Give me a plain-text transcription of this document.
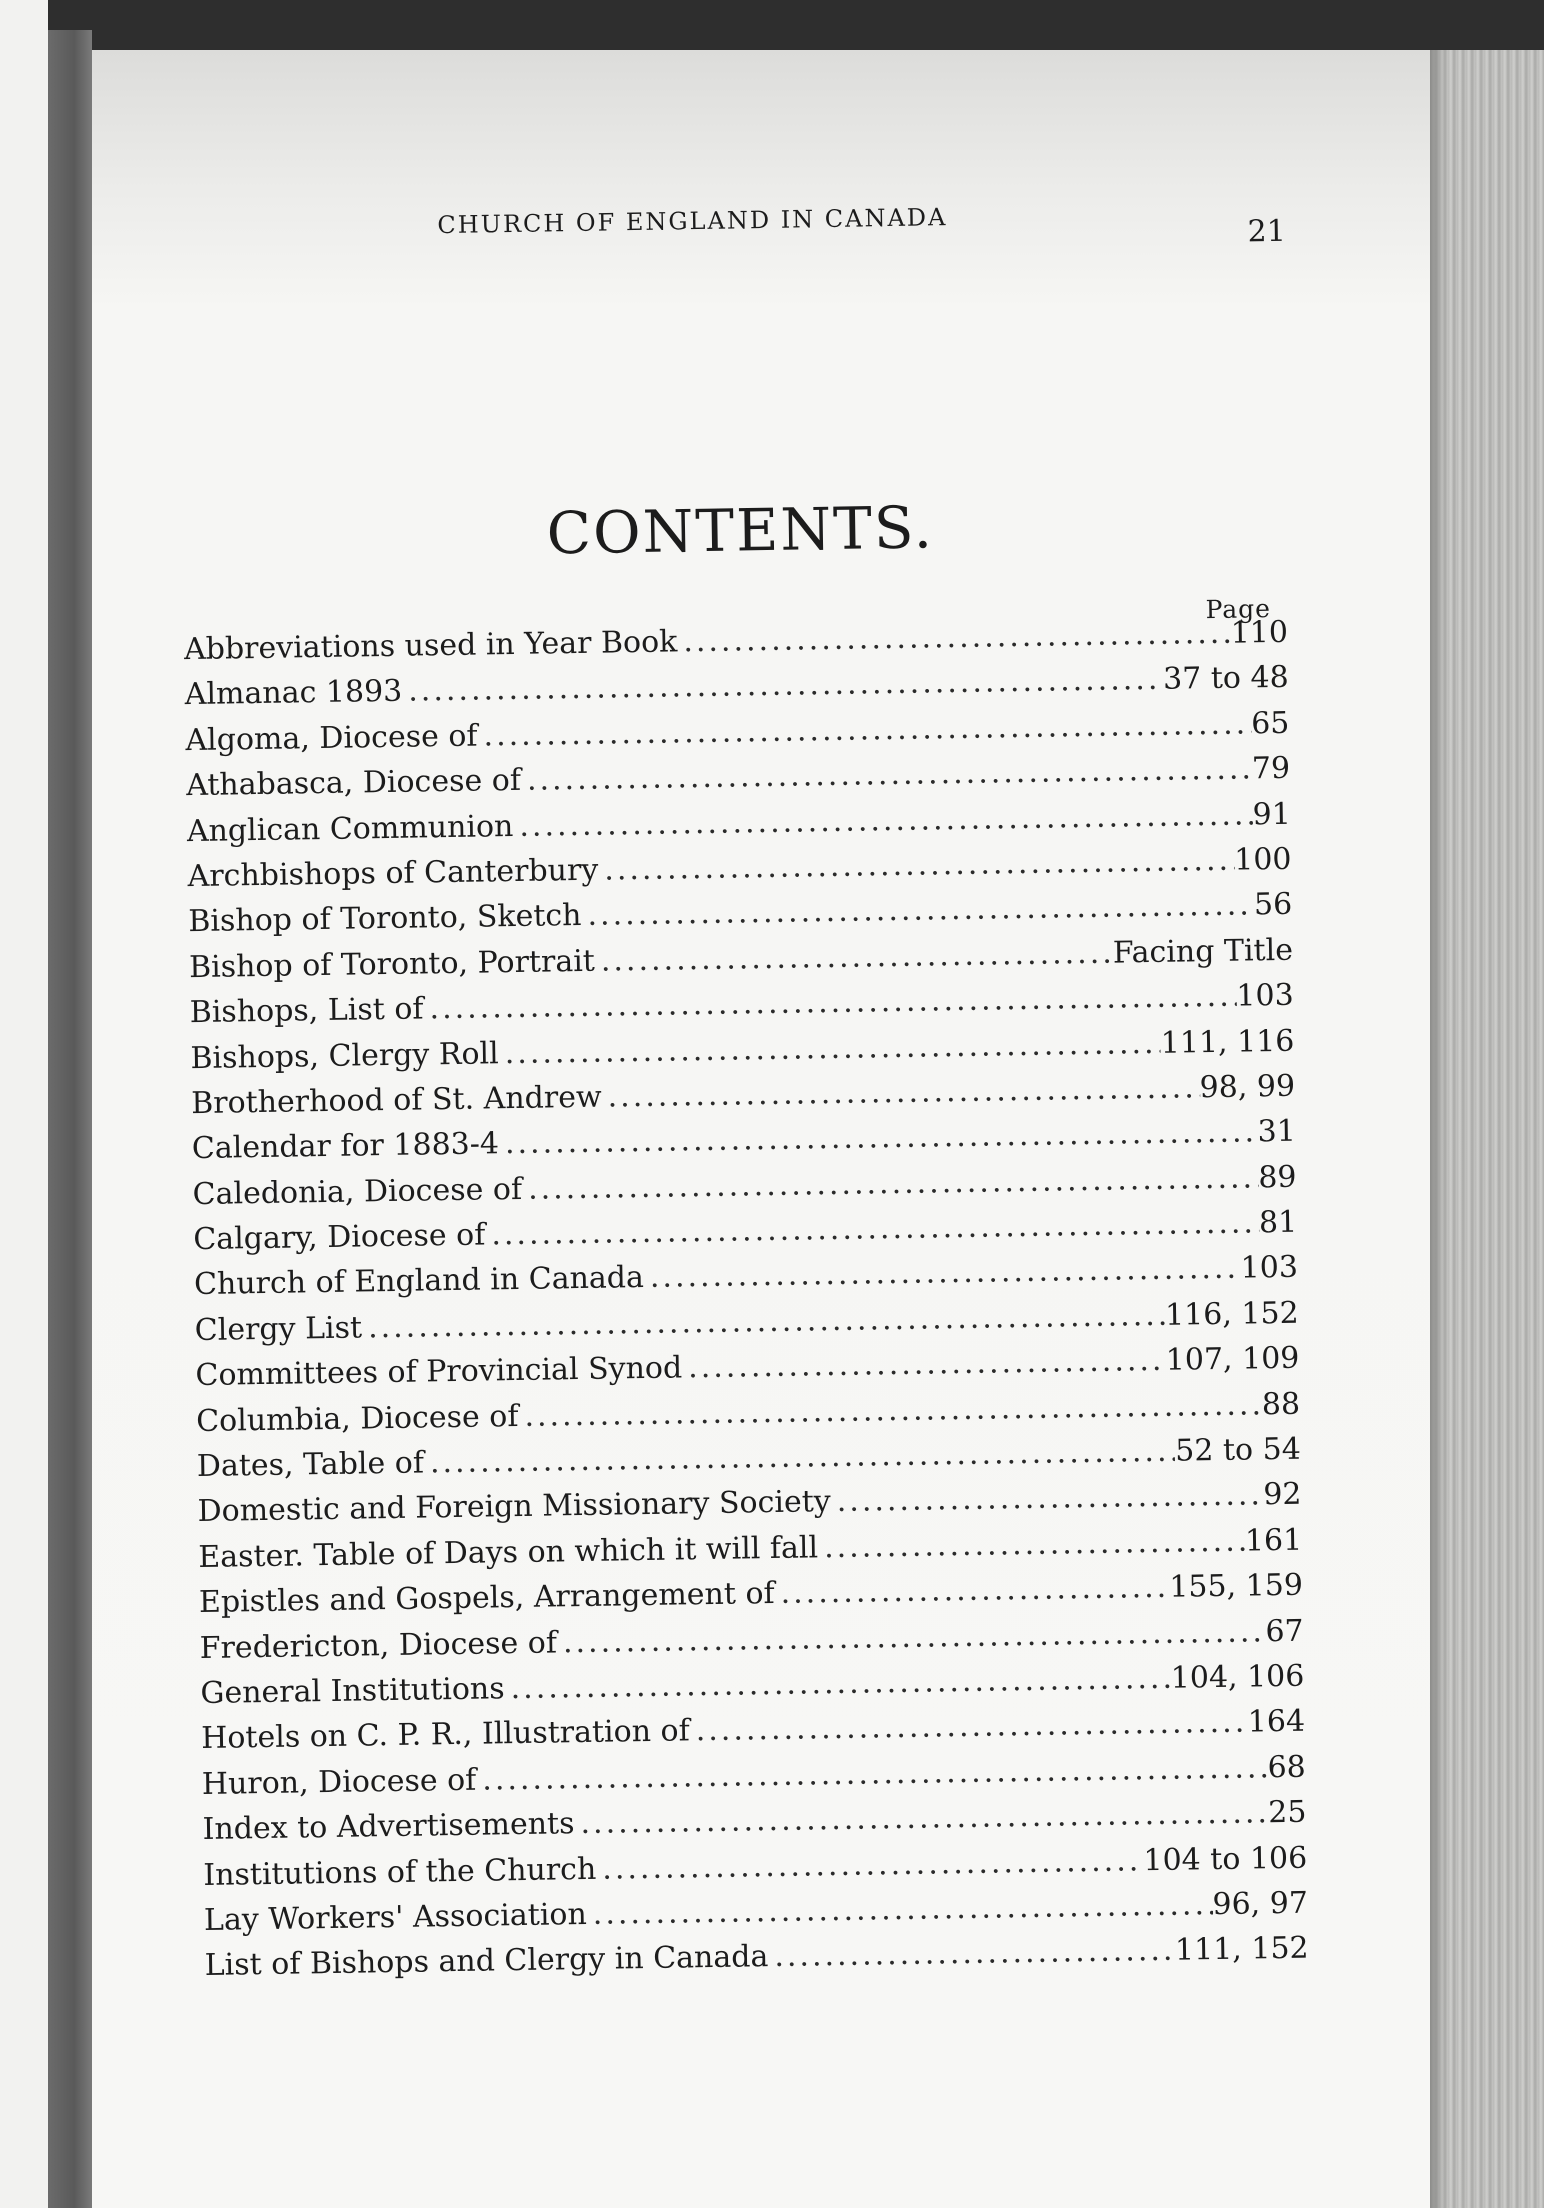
CHURCH OF ENGLAND IN CANADA	21
CONTENTS.
Page
Abbreviations used in Year Book .....	110
Almanac 1893 .....	37 to 48
Algoma, Diocese of .....	65
Athabasca, Diocese of .....	79
Anglican Communion .....	91
Archbishops of Canterbury .....	100
Bishop of Toronto, Sketch .....	56
Bishop of Toronto, Portrait .....	Facing Title
Bishops, List of .....	103
Bishops, Clergy Roll .....	111, 116
Brotherhood of St. Andrew .....	98, 99
Calendar for 1883-4 .....	31
Caledonia, Diocese of .....	89
Calgary, Diocese of .....	81
Church of England in Canada .....	103
Clergy List .....	116, 152
Committees of Provincial Synod .....	107, 109
Columbia, Diocese of .....	88
Dates, Table of .....	52 to 54
Domestic and Foreign Missionary Society .....	92
Easter. Table of Days on which it will fall .....	161
Epistles and Gospels, Arrangement of .....	155, 159
Fredericton, Diocese of .....	67
General Institutions .....	104, 106
Hotels on C. P. R., Illustration of .....	164
Huron, Diocese of .....	68
Index to Advertisements .....	25
Institutions of the Church .....	104 to 106
Lay Workers' Association .....	96, 97
List of Bishops and Clergy in Canada .....	111, 152
